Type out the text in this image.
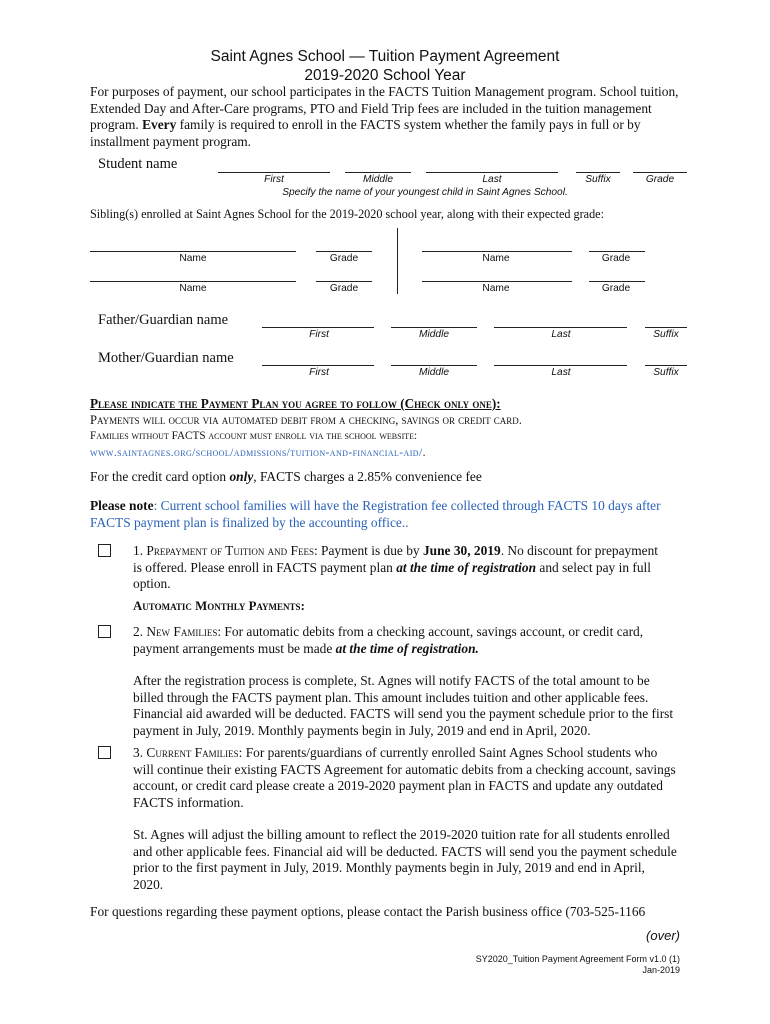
Saint Agnes School — Tuition Payment Agreement
2019-2020 School Year
For purposes of payment, our school participates in the FACTS Tuition Management program. School tuition, Extended Day and After-Care programs, PTO and Field Trip fees are included in the tuition management program. Every family is required to enroll in the FACTS system whether the family pays in full or by installment payment program.
Student name
First	Middle	Last	Suffix	Grade
Specify the name of your youngest child in Saint Agnes School.
Sibling(s) enrolled at Saint Agnes School for the 2019-2020 school year, along with their expected grade:
Name	Grade	Name	Grade
Name	Grade	Name	Grade
Father/Guardian name
First	Middle	Last	Suffix
Mother/Guardian name
First	Middle	Last	Suffix
Please indicate the Payment Plan you agree to follow (Check only one):
Payments will occur via automated debit from a checking, savings or credit card.
Families without FACTS account must enroll via the school website:
www.saintagnes.org/school/admissions/tuition-and-financial-aid/.
For the credit card option only, FACTS charges a 2.85% convenience fee
Please note: Current school families will have the Registration fee collected through FACTS 10 days after FACTS payment plan is finalized by the accounting office..
1. Prepayment of Tuition and Fees: Payment is due by June 30, 2019. No discount for prepayment is offered. Please enroll in FACTS payment plan at the time of registration and select pay in full option.
Automatic Monthly Payments:
2. New Families: For automatic debits from a checking account, savings account, or credit card, payment arrangements must be made at the time of registration.
After the registration process is complete, St. Agnes will notify FACTS of the total amount to be billed through the FACTS payment plan. This amount includes tuition and other applicable fees. Financial aid awarded will be deducted. FACTS will send you the payment schedule prior to the first payment in July, 2019. Monthly payments begin in July, 2019 and end in April, 2020.
3. Current Families: For parents/guardians of currently enrolled Saint Agnes School students who will continue their existing FACTS Agreement for automatic debits from a checking account, savings account, or credit card please create a 2019-2020 payment plan in FACTS and update any outdated FACTS information.
St. Agnes will adjust the billing amount to reflect the 2019-2020 tuition rate for all students enrolled and other applicable fees. Financial aid will be deducted. FACTS will send you the payment schedule prior to the first payment in July, 2019. Monthly payments begin in July, 2019 and end in April, 2020.
For questions regarding these payment options, please contact the Parish business office (703-525-1166
(over)
SY2020_Tuition Payment Agreement Form v1.0 (1)
Jan-2019
